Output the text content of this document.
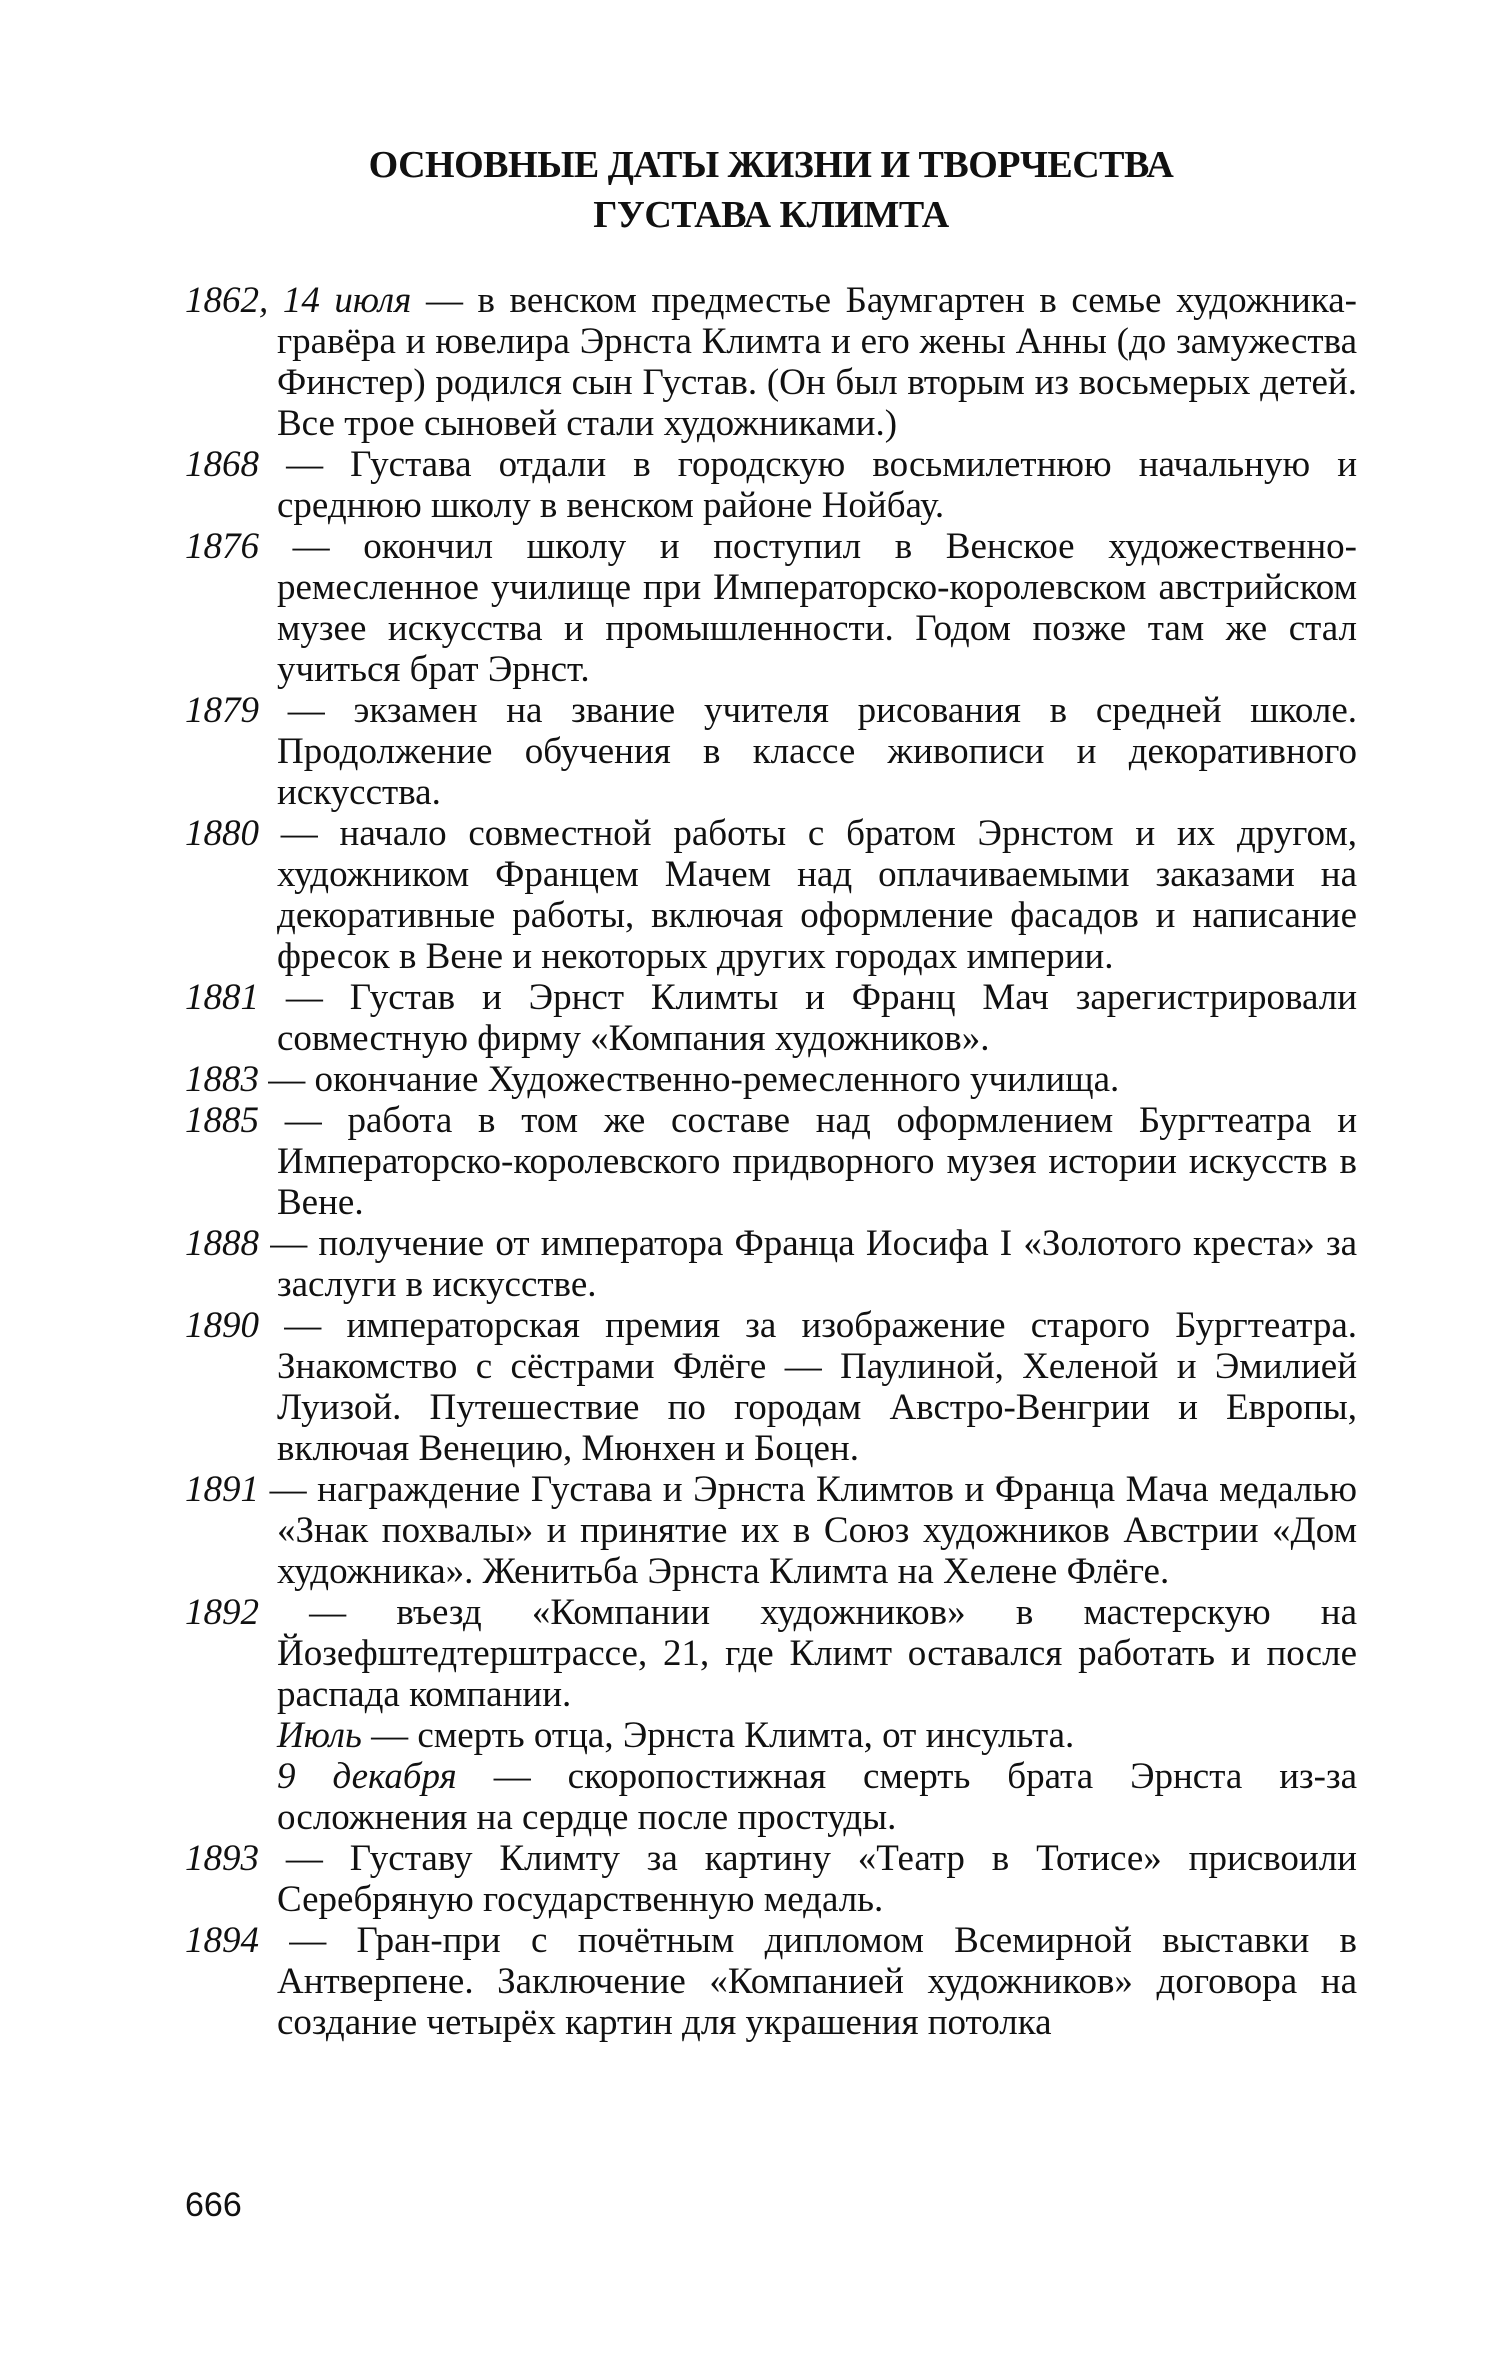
ОСНОВНЫЕ ДАТЫ ЖИЗНИ И ТВОРЧЕСТВА
ГУСТАВА КЛИМТА
1862, 14 июля — в венском предместье Баумгартен в семье художника-гравёра и ювелира Эрнста Климта и его жены Анны (до замужества Финстер) родился сын Густав. (Он был вторым из восьмерых детей. Все трое сыновей стали художниками.)
1868 — Густава отдали в городскую восьмилетнюю начальную и среднюю школу в венском районе Нойбау.
1876 — окончил школу и поступил в Венское художественно-ремесленное училище при Императорско-королевском австрийском музее искусства и промышленности. Годом позже там же стал учиться брат Эрнст.
1879 — экзамен на звание учителя рисования в средней школе. Продолжение обучения в классе живописи и декоративного искусства.
1880 — начало совместной работы с братом Эрнстом и их другом, художником Францем Мачем над оплачиваемыми заказами на декоративные работы, включая оформление фасадов и написание фресок в Вене и некоторых других городах империи.
1881 — Густав и Эрнст Климты и Франц Мач зарегистрировали совместную фирму «Компания художников».
1883 — окончание Художественно-ремесленного училища.
1885 — работа в том же составе над оформлением Бургтеатра и Императорско-королевского придворного музея истории искусств в Вене.
1888 — получение от императора Франца Иосифа I «Золотого креста» за заслуги в искусстве.
1890 — императорская премия за изображение старого Бургтеатра. Знакомство с сёстрами Флёге — Паулиной, Хеленой и Эмилией Луизой. Путешествие по городам Австро-Венгрии и Европы, включая Венецию, Мюнхен и Боцен.
1891 — награждение Густава и Эрнста Климтов и Франца Мача медалью «Знак похвалы» и принятие их в Союз художников Австрии «Дом художника». Женитьба Эрнста Климта на Хелене Флёге.
1892 — въезд «Компании художников» в мастерскую на Йозефштедтерштрассе, 21, где Климт оставался работать и после распада компании.
Июль — смерть отца, Эрнста Климта, от инсульта.
9 декабря — скоропостижная смерть брата Эрнста из-за осложнения на сердце после простуды.
1893 — Густаву Климту за картину «Театр в Тотисе» присвоили Серебряную государственную медаль.
1894 — Гран-при с почётным дипломом Всемирной выставки в Антверпене. Заключение «Компанией художников» договора на создание четырёх картин для украшения потолка
666
